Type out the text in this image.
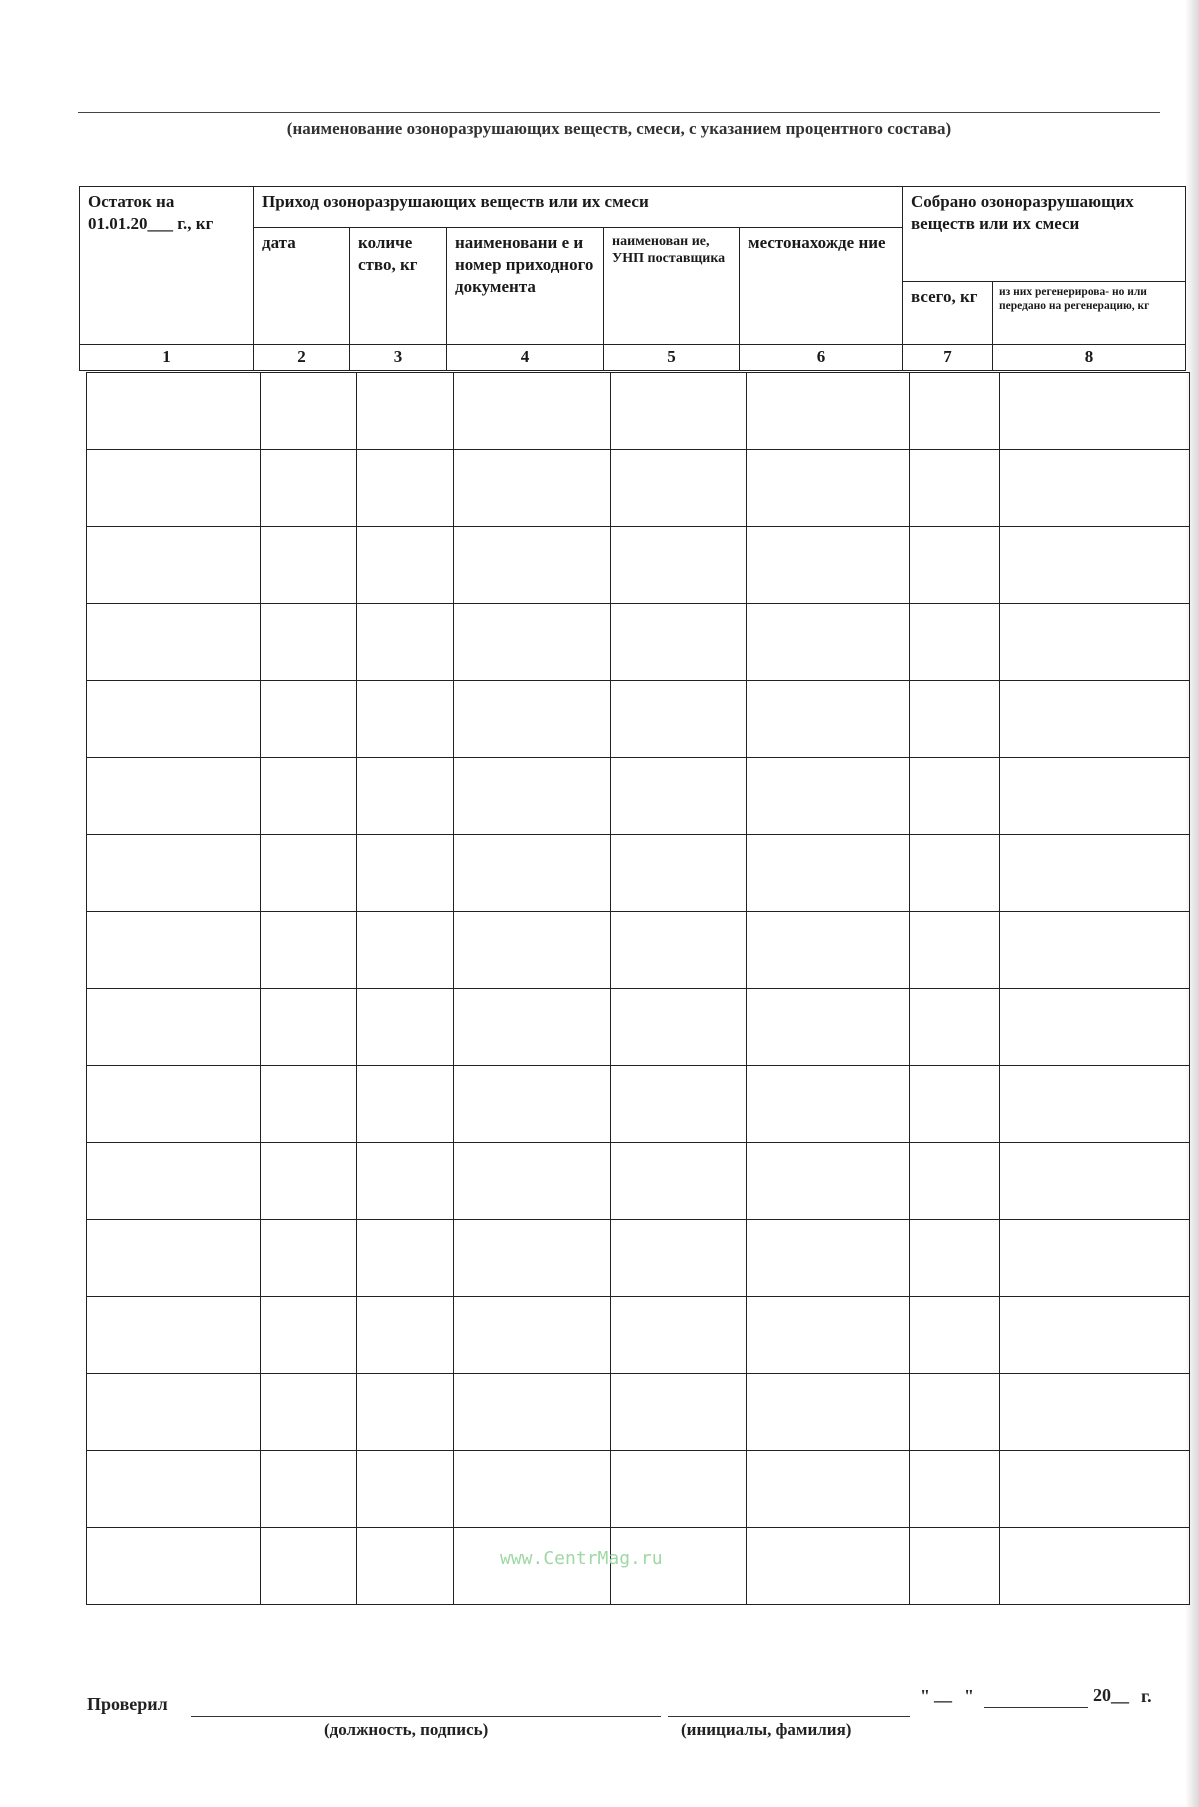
(наименование озоноразрушающих веществ, смеси, с указанием процентного состава)
Остаток на 01.01.20___ г., кг	Приход озоноразрушающих веществ или их смеси					Собрано озоноразрушающих веществ или их смеси	
	дата	количе ство, кг	наименовани е и номер приходного документа	наименован ие, УНП поставщика	местонахожде ние		
						всего, кг	из них регенерирова- но или передано на регенерацию, кг
1	2	3	4	5	6	7	8

www.CentrMag.ru
Проверил
(должность, подпись)	(инициалы, фамилия)
" __ "	20__ г.
